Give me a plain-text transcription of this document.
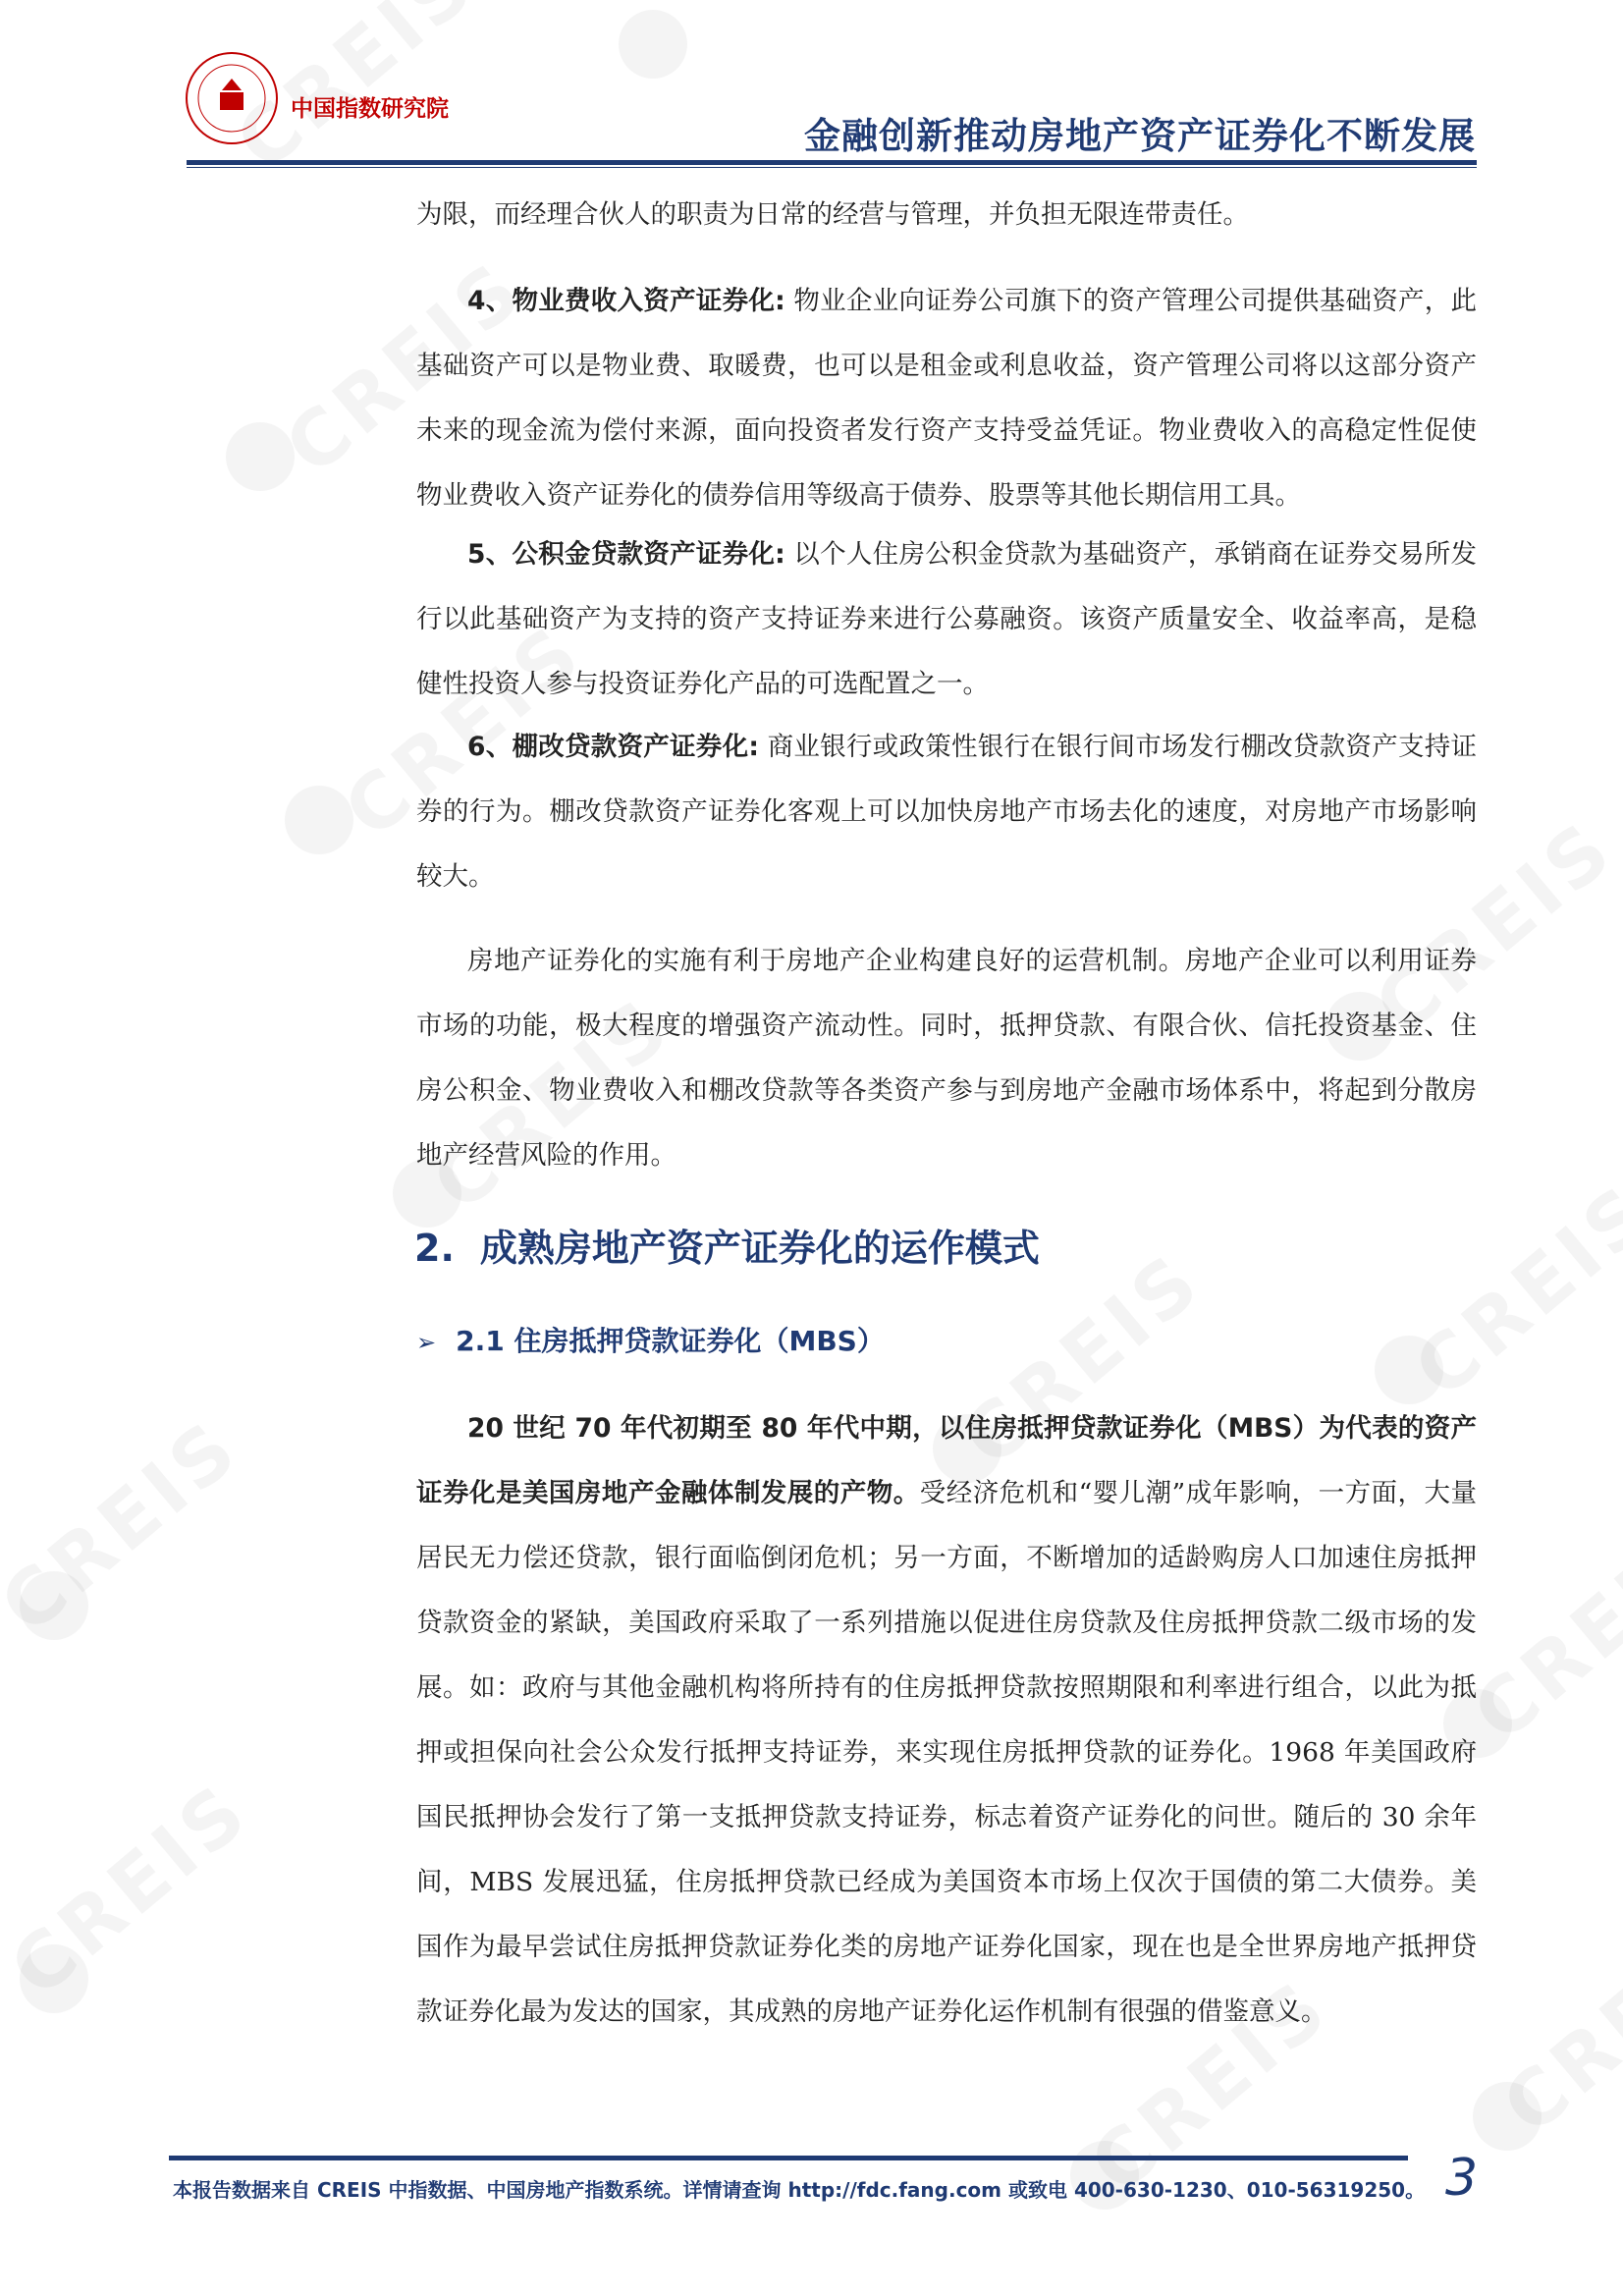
中国指数研究院
金融创新推动房地产资产证券化不断发展

为限，而经理合伙人的职责为日常的经营与管理，并负担无限连带责任。

4、物业费收入资产证券化: 物业企业向证券公司旗下的资产管理公司提供基础资产，此基础资产可以是物业费、取暖费，也可以是租金或利息收益，资产管理公司将以这部分资产未来的现金流为偿付来源，面向投资者发行资产支持受益凭证。物业费收入的高稳定性促使物业费收入资产证券化的债券信用等级高于债券、股票等其他长期信用工具。

5、公积金贷款资产证券化: 以个人住房公积金贷款为基础资产，承销商在证券交易所发行以此基础资产为支持的资产支持证券来进行公募融资。该资产质量安全、收益率高，是稳健性投资人参与投资证券化产品的可选配置之一。

6、棚改贷款资产证券化: 商业银行或政策性银行在银行间市场发行棚改贷款资产支持证券的行为。棚改贷款资产证券化客观上可以加快房地产市场去化的速度，对房地产市场影响较大。

房地产证券化的实施有利于房地产企业构建良好的运营机制。房地产企业可以利用证券市场的功能，极大程度的增强资产流动性。同时，抵押贷款、有限合伙、信托投资基金、住房公积金、物业费收入和棚改贷款等各类资产参与到房地产金融市场体系中，将起到分散房地产经营风险的作用。

2. 成熟房地产资产证券化的运作模式
➢ 2.1 住房抵押贷款证券化（MBS）

20 世纪 70 年代初期至 80 年代中期，以住房抵押贷款证券化（MBS）为代表的资产证券化是美国房地产金融体制发展的产物。受经济危机和“婴儿潮”成年影响，一方面，大量居民无力偿还贷款，银行面临倒闭危机；另一方面，不断增加的适龄购房人口加速住房抵押贷款资金的紧缺，美国政府采取了一系列措施以促进住房贷款及住房抵押贷款二级市场的发展。如：政府与其他金融机构将所持有的住房抵押贷款按照期限和利率进行组合，以此为抵押或担保向社会公众发行抵押支持证券，来实现住房抵押贷款的证券化。1968 年美国政府国民抵押协会发行了第一支抵押贷款支持证券，标志着资产证券化的问世。随后的 30 余年间，MBS 发展迅猛，住房抵押贷款已经成为美国资本市场上仅次于国债的第二大债券。美国作为最早尝试住房抵押贷款证券化类的房地产证券化国家，现在也是全世界房地产抵押贷款证券化最为发达的国家，其成熟的房地产证券化运作机制有很强的借鉴意义。

本报告数据来自 CREIS 中指数据、中国房地产指数系统。详情请查询 http://fdc.fang.com 或致电 400-630-1230、010-56319250。 3
